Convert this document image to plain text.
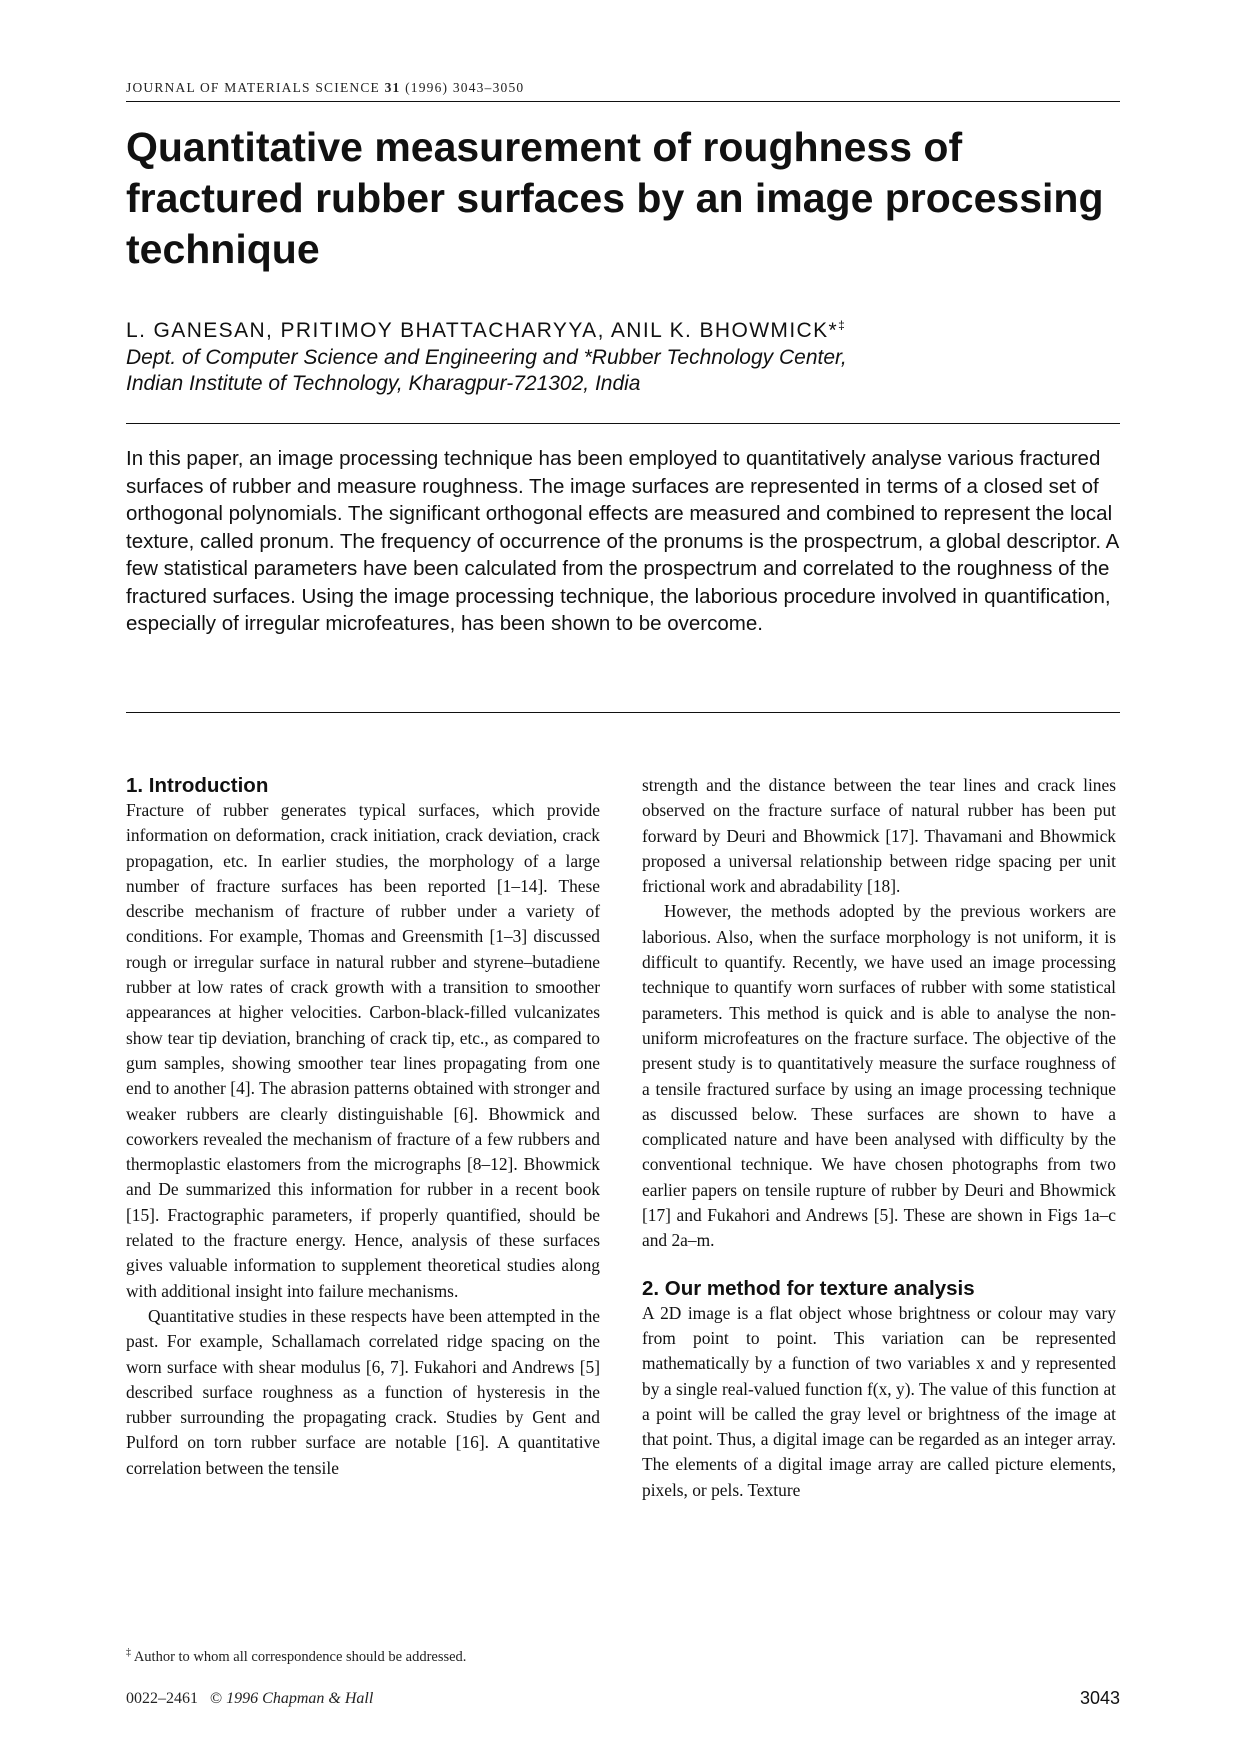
JOURNAL OF MATERIALS SCIENCE 31 (1996) 3043–3050
Quantitative measurement of roughness of fractured rubber surfaces by an image processing technique
L. GANESAN, PRITIMOY BHATTACHARYYA, ANIL K. BHOWMICK*‡
Dept. of Computer Science and Engineering and *Rubber Technology Center,
Indian Institute of Technology, Kharagpur-721302, India

In this paper, an image processing technique has been employed to quantitatively analyse various fractured surfaces of rubber and measure roughness. The image surfaces are represented in terms of a closed set of orthogonal polynomials. The significant orthogonal effects are measured and combined to represent the local texture, called pronum. The frequency of occurrence of the pronums is the prospectrum, a global descriptor. A few statistical parameters have been calculated from the prospectrum and correlated to the roughness of the fractured surfaces. Using the image processing technique, the laborious procedure involved in quantification, especially of irregular microfeatures, has been shown to be overcome.

1. Introduction

Fracture of rubber generates typical surfaces, which provide information on deformation, crack initiation, crack deviation, crack propagation, etc. In earlier studies, the morphology of a large number of fracture surfaces has been reported [1–14]. These describe mechanism of fracture of rubber under a variety of conditions. For example, Thomas and Greensmith [1–3] discussed rough or irregular surface in natural rubber and styrene–butadiene rubber at low rates of crack growth with a transition to smoother appearances at higher velocities. Carbon-black-filled vulcanizates show tear tip deviation, branching of crack tip, etc., as compared to gum samples, showing smoother tear lines propagating from one end to another [4]. The abrasion patterns obtained with stronger and weaker rubbers are clearly distinguishable [6]. Bhowmick and coworkers revealed the mechanism of fracture of a few rubbers and thermoplastic elastomers from the micrographs [8–12]. Bhowmick and De summarized this information for rubber in a recent book [15]. Fractographic parameters, if properly quantified, should be related to the fracture energy. Hence, analysis of these surfaces gives valuable information to supplement theoretical studies along with additional insight into failure mechanisms.

Quantitative studies in these respects have been attempted in the past. For example, Schallamach correlated ridge spacing on the worn surface with shear modulus [6, 7]. Fukahori and Andrews [5] described surface roughness as a function of hysteresis in the rubber surrounding the propagating crack. Studies by Gent and Pulford on torn rubber surface are notable [16]. A quantitative correlation between the tensile

strength and the distance between the tear lines and crack lines observed on the fracture surface of natural rubber has been put forward by Deuri and Bhowmick [17]. Thavamani and Bhowmick proposed a universal relationship between ridge spacing per unit frictional work and abradability [18].

However, the methods adopted by the previous workers are laborious. Also, when the surface morphology is not uniform, it is difficult to quantify. Recently, we have used an image processing technique to quantify worn surfaces of rubber with some statistical parameters. This method is quick and is able to analyse the non-uniform microfeatures on the fracture surface. The objective of the present study is to quantitatively measure the surface roughness of a tensile fractured surface by using an image processing technique as discussed below. These surfaces are shown to have a complicated nature and have been analysed with difficulty by the conventional technique. We have chosen photographs from two earlier papers on tensile rupture of rubber by Deuri and Bhowmick [17] and Fukahori and Andrews [5]. These are shown in Figs 1a–c and 2a–m.

2. Our method for texture analysis

A 2D image is a flat object whose brightness or colour may vary from point to point. This variation can be represented mathematically by a function of two variables x and y represented by a single real-valued function f(x, y). The value of this function at a point will be called the gray level or brightness of the image at that point. Thus, a digital image can be regarded as an integer array. The elements of a digital image array are called picture elements, pixels, or pels. Texture

‡ Author to whom all correspondence should be addressed.
0022–2461 © 1996 Chapman & Hall	3043
